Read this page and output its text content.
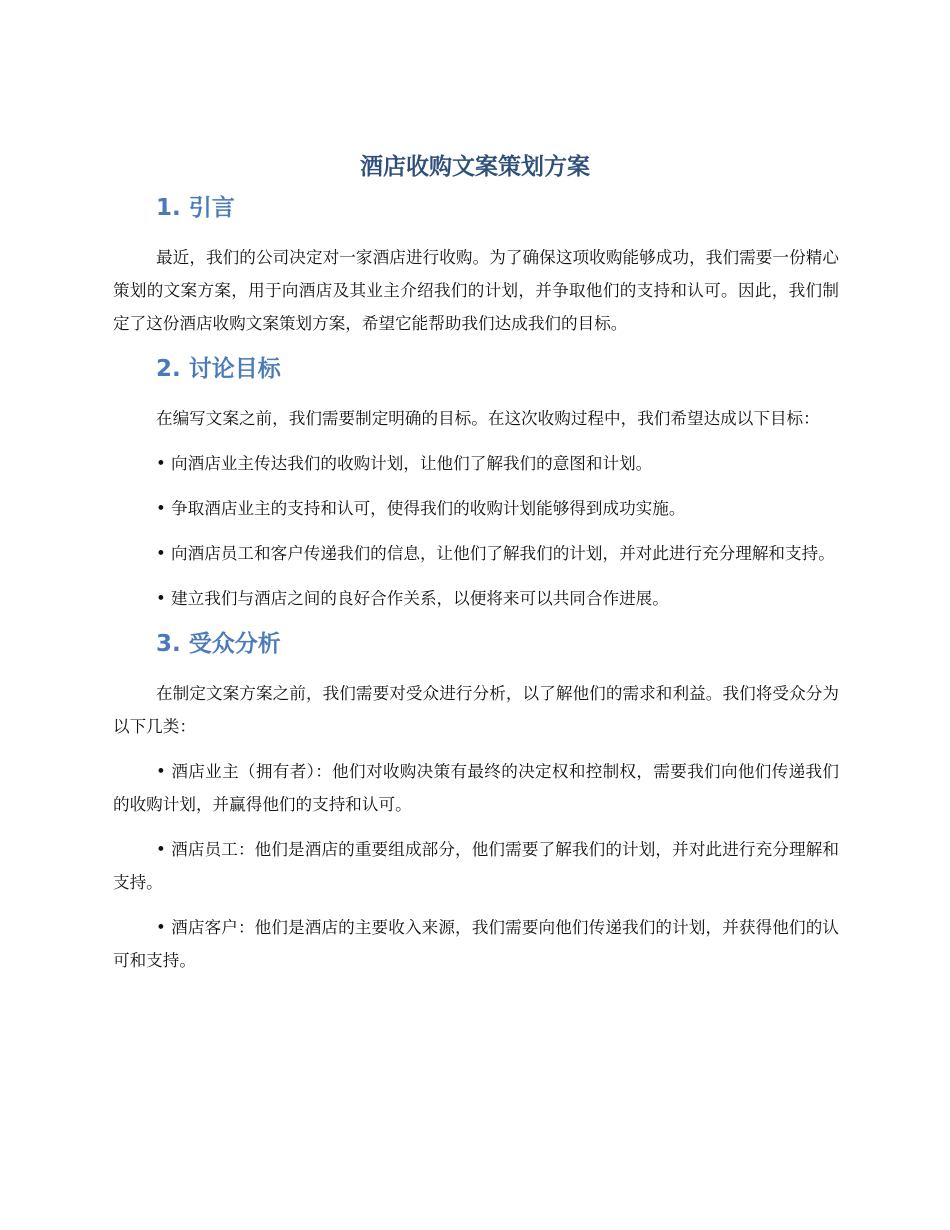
酒店收购文案策划方案
1. 引言

最近，我们的公司决定对一家酒店进行收购。为了确保这项收购能够成功，我们需要一份精心策划的文案方案，用于向酒店及其业主介绍我们的计划，并争取他们的支持和认可。因此，我们制定了这份酒店收购文案策划方案，希望它能帮助我们达成我们的目标。

2. 讨论目标

在编写文案之前，我们需要制定明确的目标。在这次收购过程中，我们希望达成以下目标：

• 向酒店业主传达我们的收购计划，让他们了解我们的意图和计划。

• 争取酒店业主的支持和认可，使得我们的收购计划能够得到成功实施。

• 向酒店员工和客户传递我们的信息，让他们了解我们的计划，并对此进行充分理解和支持。

• 建立我们与酒店之间的良好合作关系，以便将来可以共同合作进展。

3. 受众分析

在制定文案方案之前，我们需要对受众进行分析，以了解他们的需求和利益。我们将受众分为以下几类：

• 酒店业主（拥有者）：他们对收购决策有最终的决定权和控制权，需要我们向他们传递我们的收购计划，并赢得他们的支持和认可。

• 酒店员工：他们是酒店的重要组成部分，他们需要了解我们的计划，并对此进行充分理解和支持。

• 酒店客户：他们是酒店的主要收入来源，我们需要向他们传递我们的计划，并获得他们的认可和支持。
